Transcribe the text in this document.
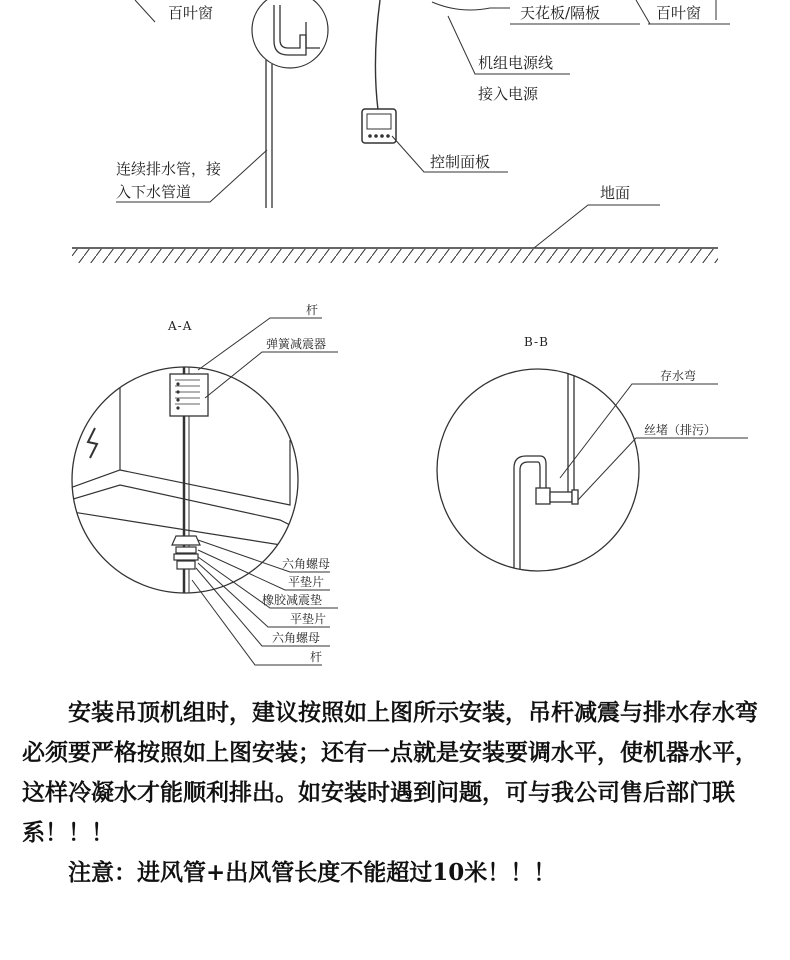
百叶窗	天花板/隔板	百叶窗
机组电源线
接入电源
控制面板
连续排水管，接
入下水管道	地面
A-A
杆
弹簧减震器
六角螺母
平垫片
橡胶减震垫
平垫片
六角螺母
杆
B-B
存水弯
丝堵（排污）

安装吊顶机组时，建议按照如上图所示安装，吊杆减震与排水存水弯必须要严格按照如上图安装；还有一点就是安装要调水平，使机器水平，这样冷凝水才能顺利排出。如安装时遇到问题，可与我公司售后部门联系！！！

注意：进风管+出风管长度不能超过10米！！！
